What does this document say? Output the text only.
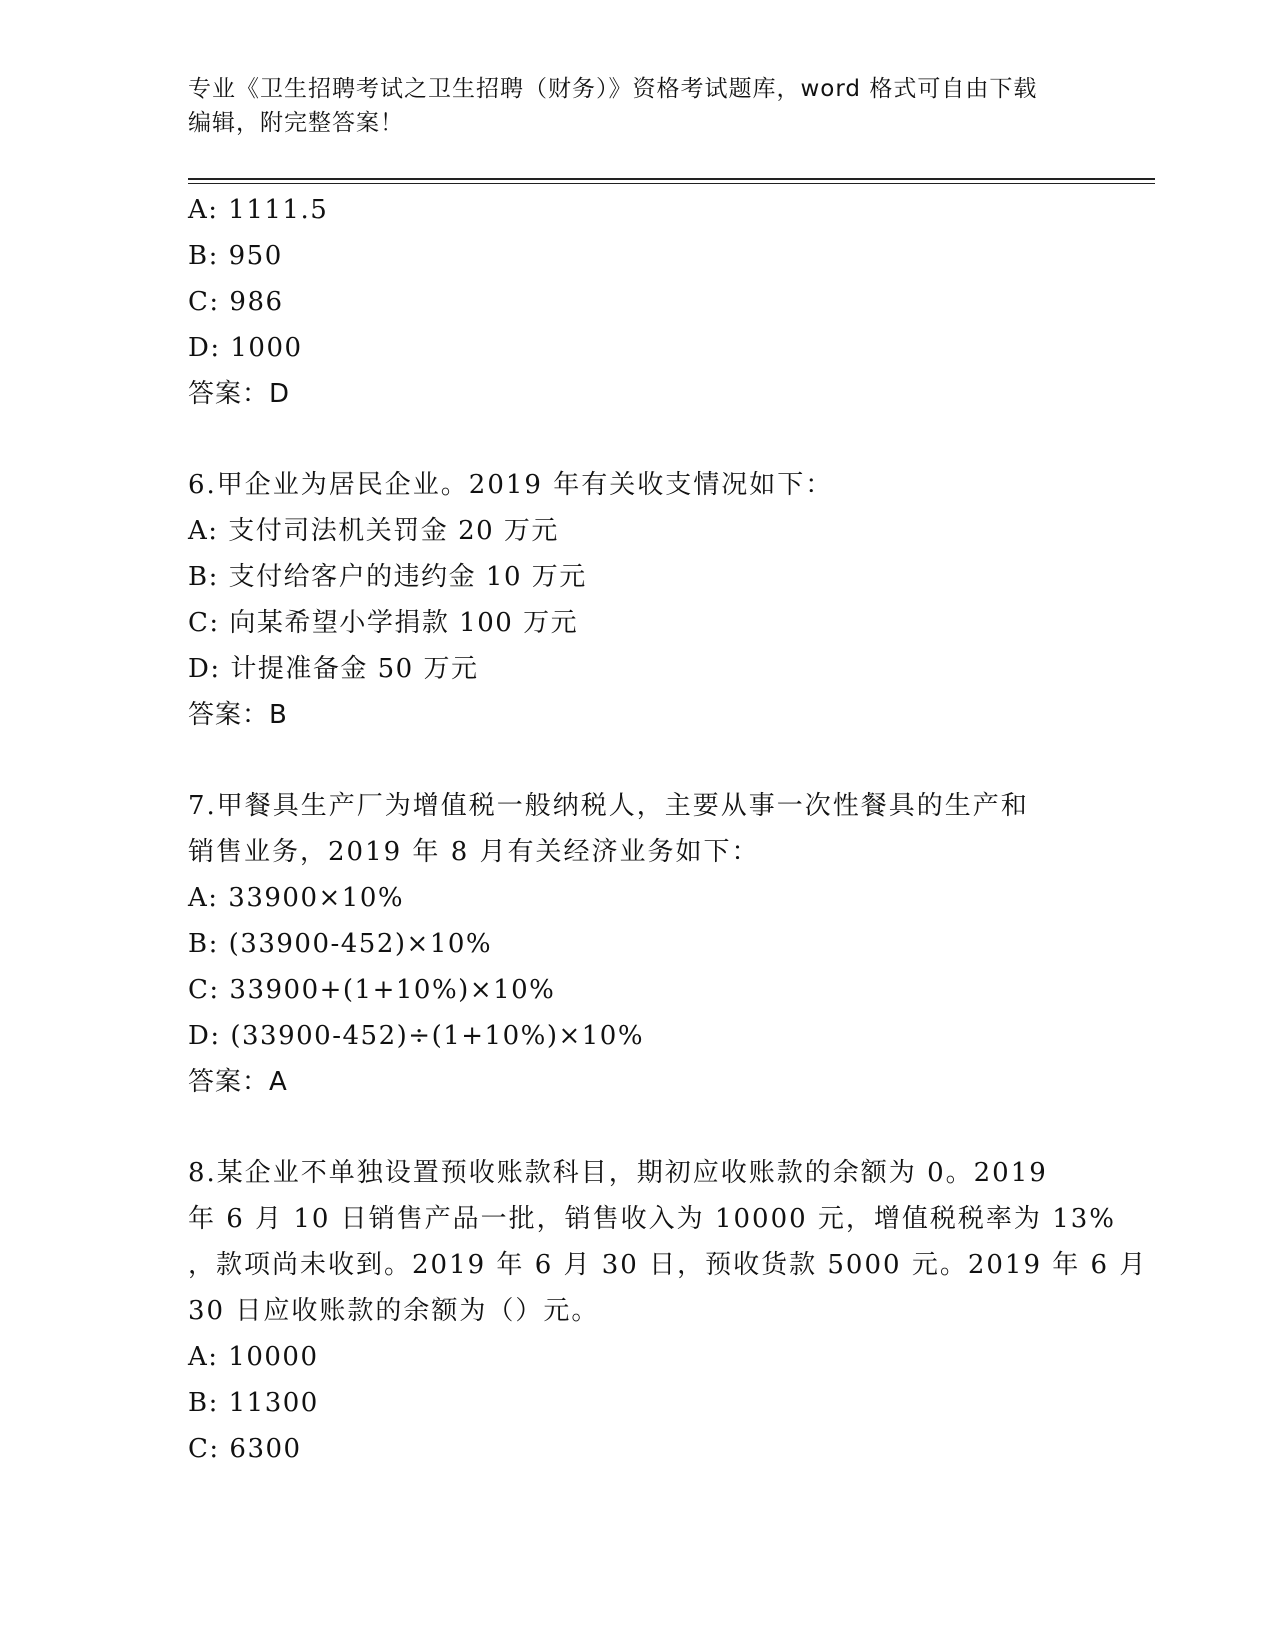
专业《卫生招聘考试之卫生招聘（财务）》资格考试题库，word 格式可自由下载
编辑，附完整答案！
A: 1111.5
B: 950
C: 986
D: 1000
答案：D
6.甲企业为居民企业。2019 年有关收支情况如下：
A: 支付司法机关罚金 20 万元
B: 支付给客户的违约金 10 万元
C: 向某希望小学捐款 100 万元
D: 计提准备金 50 万元
答案：B
7.甲餐具生产厂为增值税一般纳税人，主要从事一次性餐具的生产和
销售业务，2019 年 8 月有关经济业务如下：
A: 33900×10%
B: (33900-452)×10%
C: 33900+(1+10%)×10%
D: (33900-452)÷(1+10%)×10%
答案：A
8.某企业不单独设置预收账款科目，期初应收账款的余额为 0。2019
年 6 月 10 日销售产品一批，销售收入为 10000 元，增值税税率为 13%
，款项尚未收到。2019 年 6 月 30 日，预收货款 5000 元。2019 年 6 月
30 日应收账款的余额为（）元。
A: 10000
B: 11300
C: 6300
